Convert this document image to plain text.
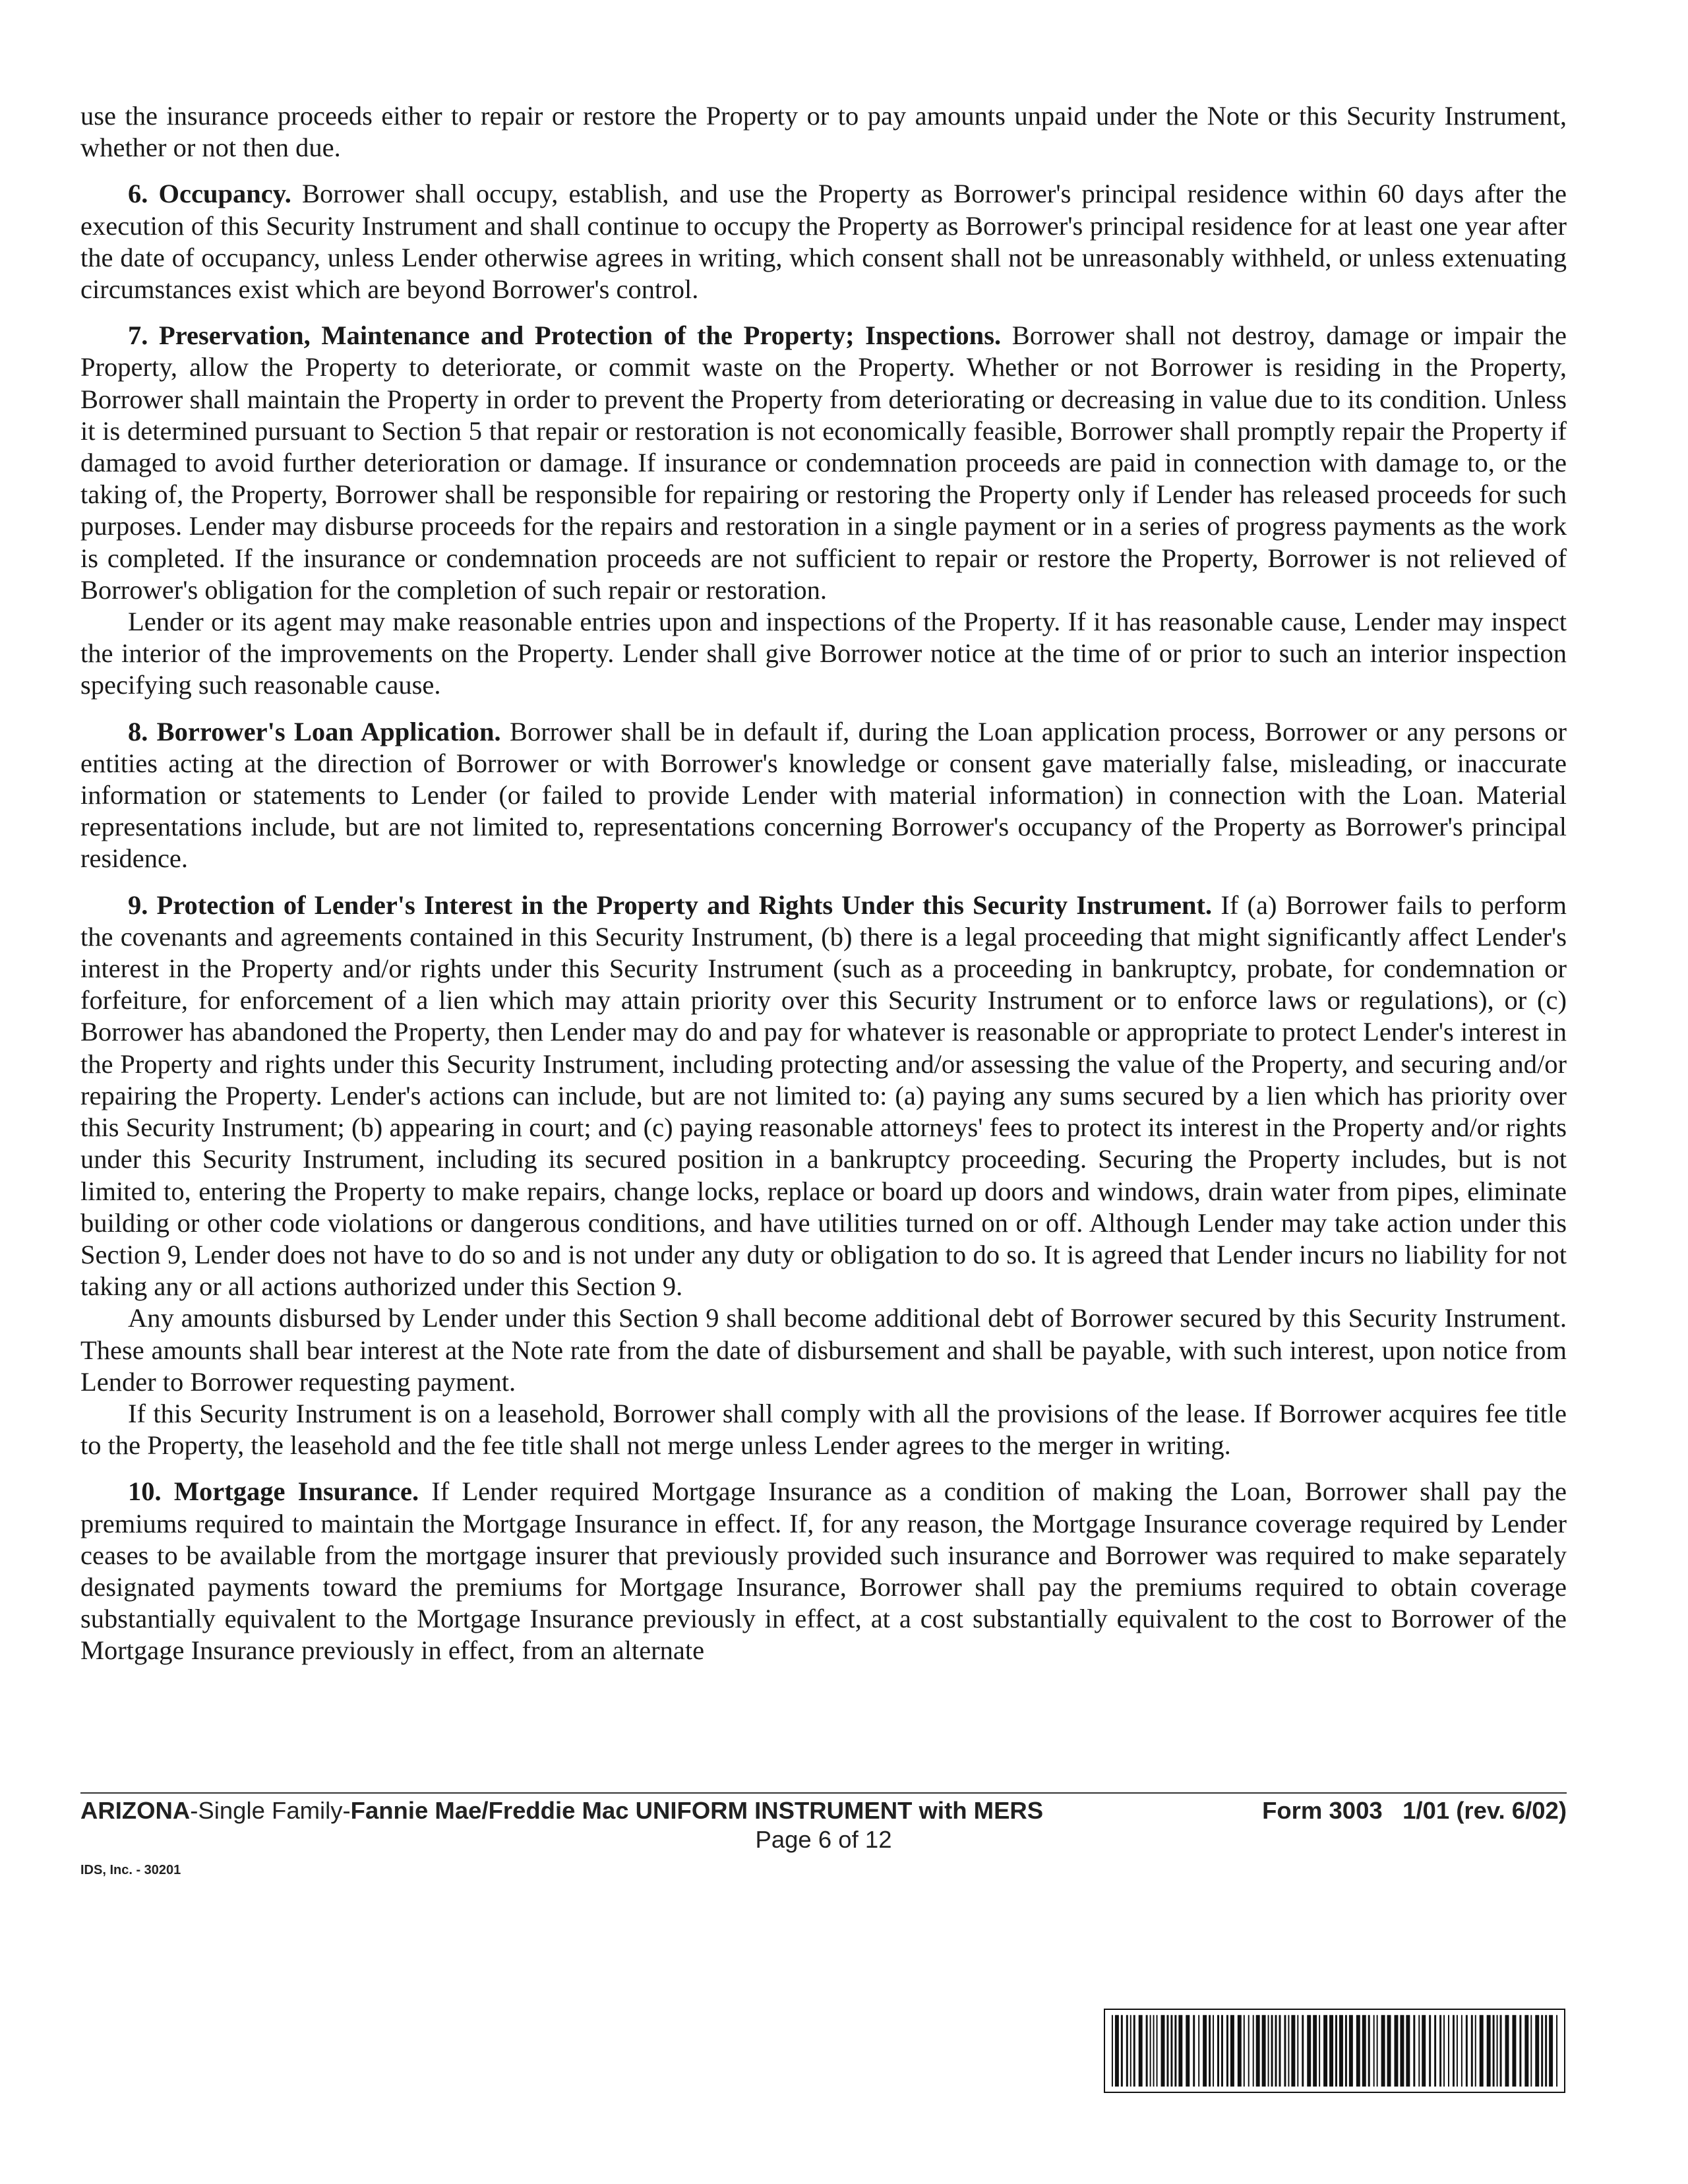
use the insurance proceeds either to repair or restore the Property or to pay amounts unpaid under the Note or this Security Instrument, whether or not then due.

6. Occupancy. Borrower shall occupy, establish, and use the Property as Borrower's principal residence within 60 days after the execution of this Security Instrument and shall continue to occupy the Property as Borrower's principal residence for at least one year after the date of occupancy, unless Lender otherwise agrees in writing, which consent shall not be unreasonably withheld, or unless extenuating circumstances exist which are beyond Borrower's control.

7. Preservation, Maintenance and Protection of the Property; Inspections. Borrower shall not destroy, damage or impair the Property, allow the Property to deteriorate, or commit waste on the Property. Whether or not Borrower is residing in the Property, Borrower shall maintain the Property in order to prevent the Property from deteriorating or decreasing in value due to its condition. Unless it is determined pursuant to Section 5 that repair or restoration is not economically feasible, Borrower shall promptly repair the Property if damaged to avoid further deterioration or damage. If insurance or condemnation proceeds are paid in connection with damage to, or the taking of, the Property, Borrower shall be responsible for repairing or restoring the Property only if Lender has released proceeds for such purposes. Lender may disburse proceeds for the repairs and restoration in a single payment or in a series of progress payments as the work is completed. If the insurance or condemnation proceeds are not sufficient to repair or restore the Property, Borrower is not relieved of Borrower's obligation for the completion of such repair or restoration.

Lender or its agent may make reasonable entries upon and inspections of the Property. If it has reasonable cause, Lender may inspect the interior of the improvements on the Property. Lender shall give Borrower notice at the time of or prior to such an interior inspection specifying such reasonable cause.

8. Borrower's Loan Application. Borrower shall be in default if, during the Loan application process, Borrower or any persons or entities acting at the direction of Borrower or with Borrower's knowledge or consent gave materially false, misleading, or inaccurate information or statements to Lender (or failed to provide Lender with material information) in connection with the Loan. Material representations include, but are not limited to, representations concerning Borrower's occupancy of the Property as Borrower's principal residence.

9. Protection of Lender's Interest in the Property and Rights Under this Security Instrument. If (a) Borrower fails to perform the covenants and agreements contained in this Security Instrument, (b) there is a legal proceeding that might significantly affect Lender's interest in the Property and/or rights under this Security Instrument (such as a proceeding in bankruptcy, probate, for condemnation or forfeiture, for enforcement of a lien which may attain priority over this Security Instrument or to enforce laws or regulations), or (c) Borrower has abandoned the Property, then Lender may do and pay for whatever is reasonable or appropriate to protect Lender's interest in the Property and rights under this Security Instrument, including protecting and/or assessing the value of the Property, and securing and/or repairing the Property. Lender's actions can include, but are not limited to: (a) paying any sums secured by a lien which has priority over this Security Instrument; (b) appearing in court; and (c) paying reasonable attorneys' fees to protect its interest in the Property and/or rights under this Security Instrument, including its secured position in a bankruptcy proceeding. Securing the Property includes, but is not limited to, entering the Property to make repairs, change locks, replace or board up doors and windows, drain water from pipes, eliminate building or other code violations or dangerous conditions, and have utilities turned on or off. Although Lender may take action under this Section 9, Lender does not have to do so and is not under any duty or obligation to do so. It is agreed that Lender incurs no liability for not taking any or all actions authorized under this Section 9.

Any amounts disbursed by Lender under this Section 9 shall become additional debt of Borrower secured by this Security Instrument. These amounts shall bear interest at the Note rate from the date of disbursement and shall be payable, with such interest, upon notice from Lender to Borrower requesting payment.

If this Security Instrument is on a leasehold, Borrower shall comply with all the provisions of the lease. If Borrower acquires fee title to the Property, the leasehold and the fee title shall not merge unless Lender agrees to the merger in writing.

10. Mortgage Insurance. If Lender required Mortgage Insurance as a condition of making the Loan, Borrower shall pay the premiums required to maintain the Mortgage Insurance in effect. If, for any reason, the Mortgage Insurance coverage required by Lender ceases to be available from the mortgage insurer that previously provided such insurance and Borrower was required to make separately designated payments toward the premiums for Mortgage Insurance, Borrower shall pay the premiums required to obtain coverage substantially equivalent to the Mortgage Insurance previously in effect, at a cost substantially equivalent to the cost to Borrower of the Mortgage Insurance previously in effect, from an alternate

ARIZONA-Single Family-Fannie Mae/Freddie Mac UNIFORM INSTRUMENT with MERS	Form 3003   1/01 (rev. 6/02)
Page 6 of 12
IDS, Inc. - 30201
